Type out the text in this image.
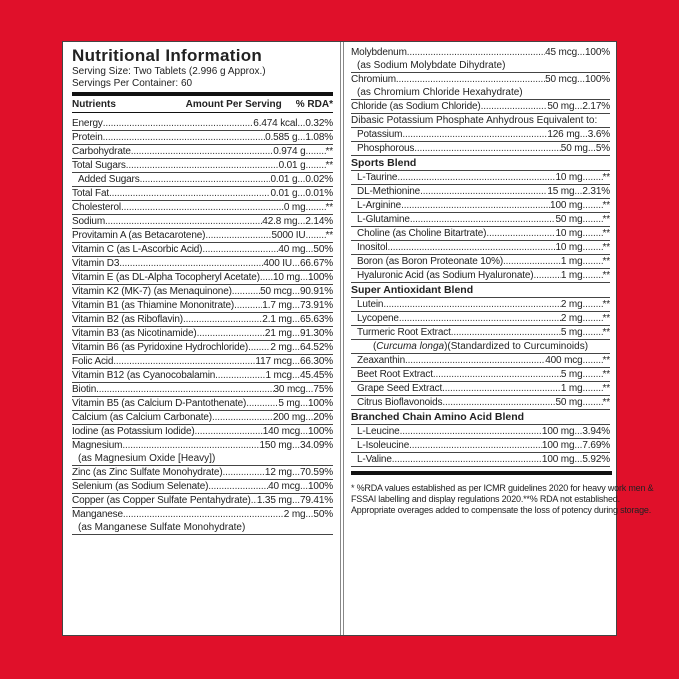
Nutritional Information
Serving Size: Two Tablets (2.996 g Approx.)
Servings Per Container: 60
Nutrients	Amount Per Serving % RDA*
Energy .....	6.474 kcal ..... 0.32%
Protein .....	0.585 g ..... 1.08%
Carbohydrate .....	0.974 g ..... **
Total Sugars .....	0.01 g ..... **
Added Sugars .....	0.01 g ..... 0.02%
Total Fat .....	0.01 g ..... 0.01%
Cholesterol .....	0 mg ..... **
Sodium .....	42.8 mg ..... 2.14%
Provitamin A (as Betacarotene) .....	5000 IU ..... **
Vitamin C (as L-Ascorbic Acid) .....	40 mg ..... 50%
Vitamin D3 .....	400 IU ..... 66.67%
Vitamin E (as DL-Alpha Tocopheryl Acetate) ..... 10 mg ..... 100%
Vitamin K2 (MK-7) (as Menaquinone) .....	50 mcg ..... 90.91%
Vitamin B1 (as Thiamine Mononitrate) .....	1.7 mg ..... 73.91%
Vitamin B2 (as Riboflavin) .....	2.1 mg ..... 65.63%
Vitamin B3 (as Nicotinamide) .....	21 mg ..... 91.30%
Vitamin B6 (as Pyridoxine Hydrochloride) ..... 2 mg ..... 64.52%
Folic Acid .....	117 mcg ..... 66.30%
Vitamin B12 (as Cyanocobalamin .....	1 mcg ..... 45.45%
Biotin .....	30 mcg ..... 75%
Vitamin B5 (as Calcium D-Pantothenate) .....	5 mg ..... 100%
Calcium (as Calcium Carbonate) .....	200 mg ..... 20%
Iodine (as Potassium Iodide) .....	140 mcg ..... 100%
Magnesium .....	150 mg ..... 34.09%
(as Magnesium Oxide [Heavy])
Zinc (as Zinc Sulfate Monohydrate) .....	12 mg ..... 70.59%
Selenium (as Sodium Selenate) .....	40 mcg ..... 100%
Copper (as Copper Sulfate Pentahydrate) ..... 1.35 mg ..... 79.41%
Manganese .....	2 mg ..... 50%
(as Manganese Sulfate Monohydrate)
Molybdenum .....	45 mcg ..... 100%
(as Sodium Molybdate Dihydrate)
Chromium .....	50 mcg ..... 100%
(as Chromium Chloride Hexahydrate)
Chloride (as Sodium Chloride) .....	50 mg ..... 2.17%
Dibasic Potassium Phosphate Anhydrous Equivalent to:
Potassium .....	126 mg ..... 3.6%
Phosphorous .....	50 mg ..... 5%
Sports Blend
L-Taurine .....	10 mg ..... **
DL-Methionine .....	15 mg ..... 2.31%
L-Arginine .....	100 mg ..... **
L-Glutamine .....	50 mg ..... **
Choline (as Choline Bitartrate) .....	10 mg ..... **
Inositol .....	10 mg ..... **
Boron (as Boron Proteonate 10%) .....	1 mg ..... **
Hyaluronic Acid (as Sodium Hyaluronate) .....	1 mg ..... **
Super Antioxidant Blend
Lutein .....	2 mg ..... **
Lycopene .....	2 mg ..... **
Turmeric Root Extract .....	5 mg ..... **
(Curcuma longa)(Standardized to Curcuminoids)
Zeaxanthin .....	400 mcg ..... **
Beet Root Extract .....	5 mg ..... **
Grape Seed Extract .....	1 mg ..... **
Citrus Bioflavonoids .....	50 mg ..... **
Branched Chain Amino Acid Blend
L-Leucine .....	100 mg ..... 3.94%
L-Isoleucine .....	100 mg ..... 7.69%
L-Valine .....	100 mg ..... 5.92%
* %RDA values established as per ICMR guidelines 2020 for heavy work men &
FSSAI labelling and display regulations 2020. **% RDA not established.
Appropriate overages added to compensate the loss of potency during storage.
